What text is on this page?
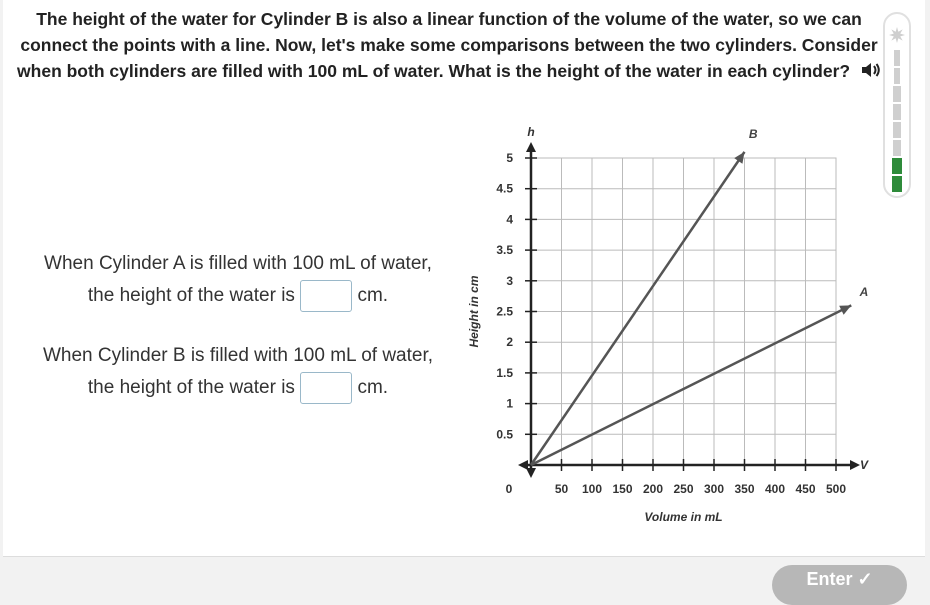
The height of the water for Cylinder B is also a linear function of the volume of the water, so we can connect the points with a line. Now, let's make some comparisons between the two cylinders. Consider when both cylinders are filled with 100 mL of water. What is the height of the water in each cylinder?
When Cylinder A is filled with 100 mL of water,
the height of the water is	cm.
When Cylinder B is filled with 100 mL of water,
the height of the water is	cm.
50 100 150 200 250 300 350 400 450 500
0.5
1
1.5
2
2.5
3
3.5
4
4.5
5
0
h
V
Volume in mL
Height in cm	A
B
Enter ✓
